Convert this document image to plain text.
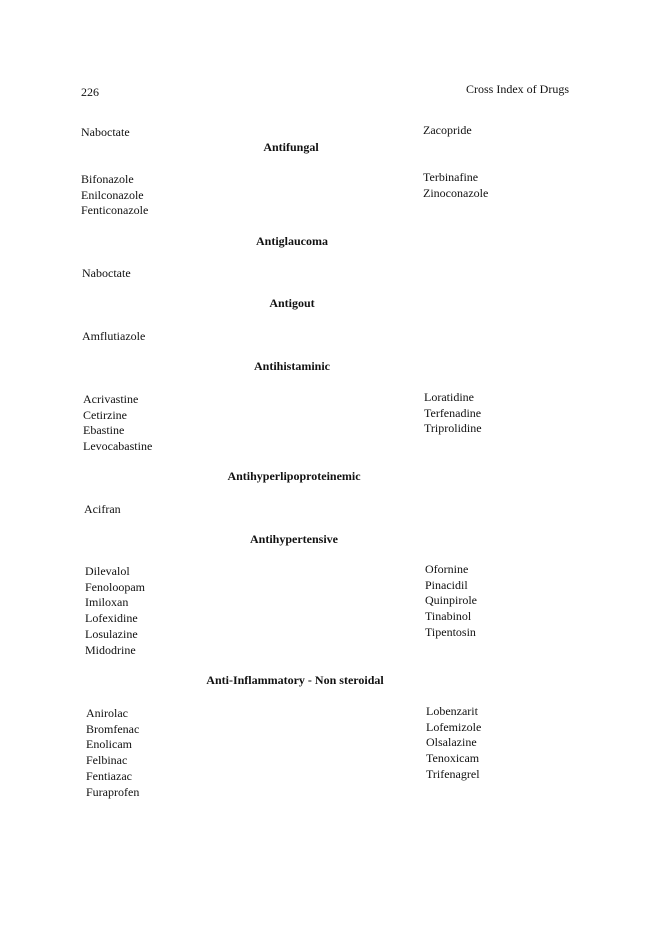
226	Cross Index of Drugs
Naboctate	Zacopride
Antifungal
Bifonazole
Enilconazole
Fenticonazole
Terbinafine
Zinoconazole
Antiglaucoma
Naboctate
Antigout
Amflutiazole
Antihistaminic
Acrivastine
Cetirzine
Ebastine
Levocabastine
Loratidine
Terfenadine
Triprolidine
Antihyperlipoproteinemic
Acifran
Antihypertensive
Dilevalol
Fenoloopam
Imiloxan
Lofexidine
Losulazine
Midodrine
Ofornine
Pinacidil
Quinpirole
Tinabinol
Tipentosin
Anti-Inflammatory - Non steroidal
Anirolac
Bromfenac
Enolicam
Felbinac
Fentiazac
Furaprofen
Lobenzarit
Lofemizole
Olsalazine
Tenoxicam
Trifenagrel
